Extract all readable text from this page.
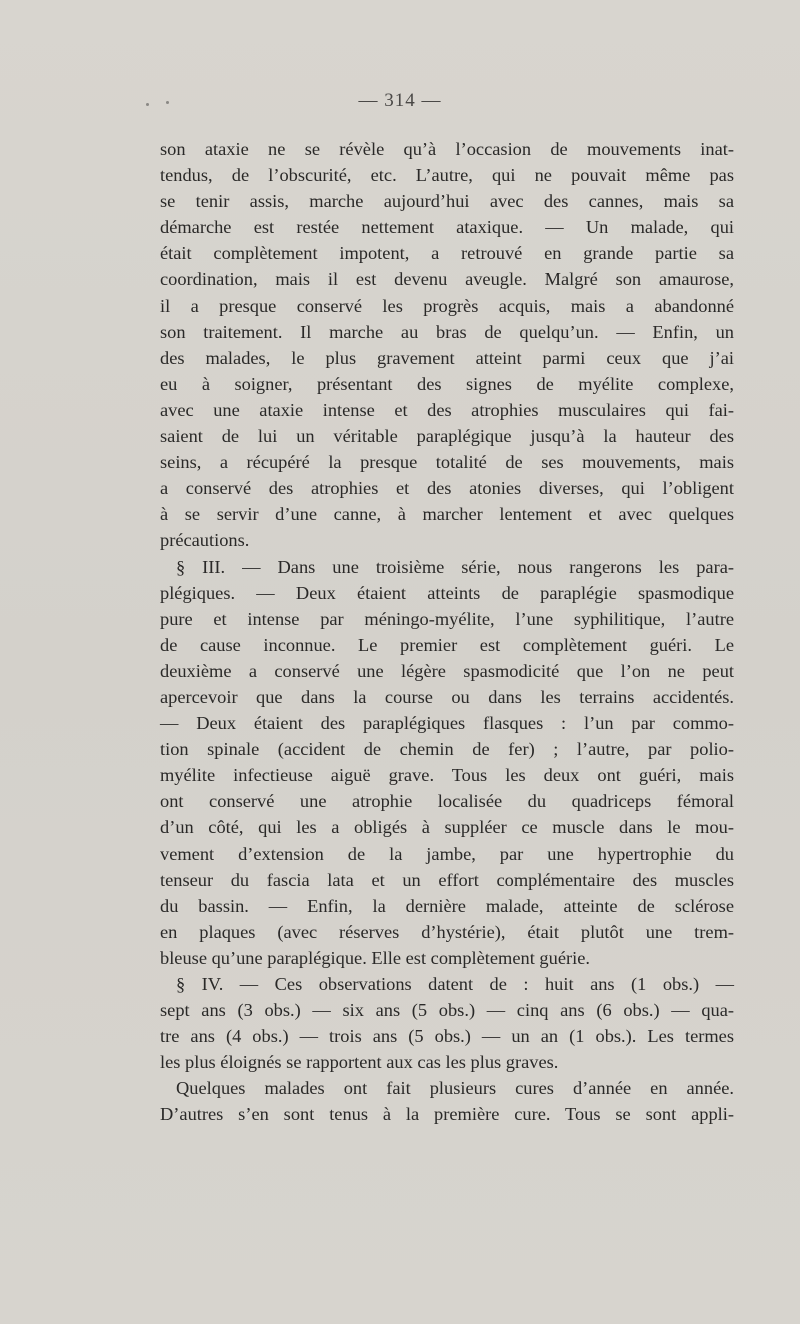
— 314 —
son ataxie ne se révèle qu’à l’occasion de mouvements inat-
tendus, de l’obscurité, etc. L’autre, qui ne pouvait même pas
se tenir assis, marche aujourd’hui avec des cannes, mais sa
démarche est restée nettement ataxique. — Un malade, qui
était complètement impotent, a retrouvé en grande partie sa
coordination, mais il est devenu aveugle. Malgré son amaurose,
il a presque conservé les progrès acquis, mais a abandonné
son traitement. Il marche au bras de quelqu’un. — Enfin, un
des malades, le plus gravement atteint parmi ceux que j’ai
eu à soigner, présentant des signes de myélite complexe,
avec une ataxie intense et des atrophies musculaires qui fai-
saient de lui un véritable paraplégique jusqu’à la hauteur des
seins, a récupéré la presque totalité de ses mouvements, mais
a conservé des atrophies et des atonies diverses, qui l’obligent
à se servir d’une canne, à marcher lentement et avec quelques
précautions.
§ III. — Dans une troisième série, nous rangerons les para-
plégiques. — Deux étaient atteints de paraplégie spasmodique
pure et intense par méningo-myélite, l’une syphilitique, l’autre
de cause inconnue. Le premier est complètement guéri. Le
deuxième a conservé une légère spasmodicité que l’on ne peut
apercevoir que dans la course ou dans les terrains accidentés.
— Deux étaient des paraplégiques flasques : l’un par commo-
tion spinale (accident de chemin de fer) ; l’autre, par polio-
myélite infectieuse aiguë grave. Tous les deux ont guéri, mais
ont conservé une atrophie localisée du quadriceps fémoral
d’un côté, qui les a obligés à suppléer ce muscle dans le mou-
vement d’extension de la jambe, par une hypertrophie du
tenseur du fascia lata et un effort complémentaire des muscles
du bassin. — Enfin, la dernière malade, atteinte de sclérose
en plaques (avec réserves d’hystérie), était plutôt une trem-
bleuse qu’une paraplégique. Elle est complètement guérie.
§ IV. — Ces observations datent de : huit ans (1 obs.) —
sept ans (3 obs.) — six ans (5 obs.) — cinq ans (6 obs.) — qua-
tre ans (4 obs.) — trois ans (5 obs.) — un an (1 obs.). Les termes
les plus éloignés se rapportent aux cas les plus graves.
Quelques malades ont fait plusieurs cures d’année en année.
D’autres s’en sont tenus à la première cure. Tous se sont appli-
